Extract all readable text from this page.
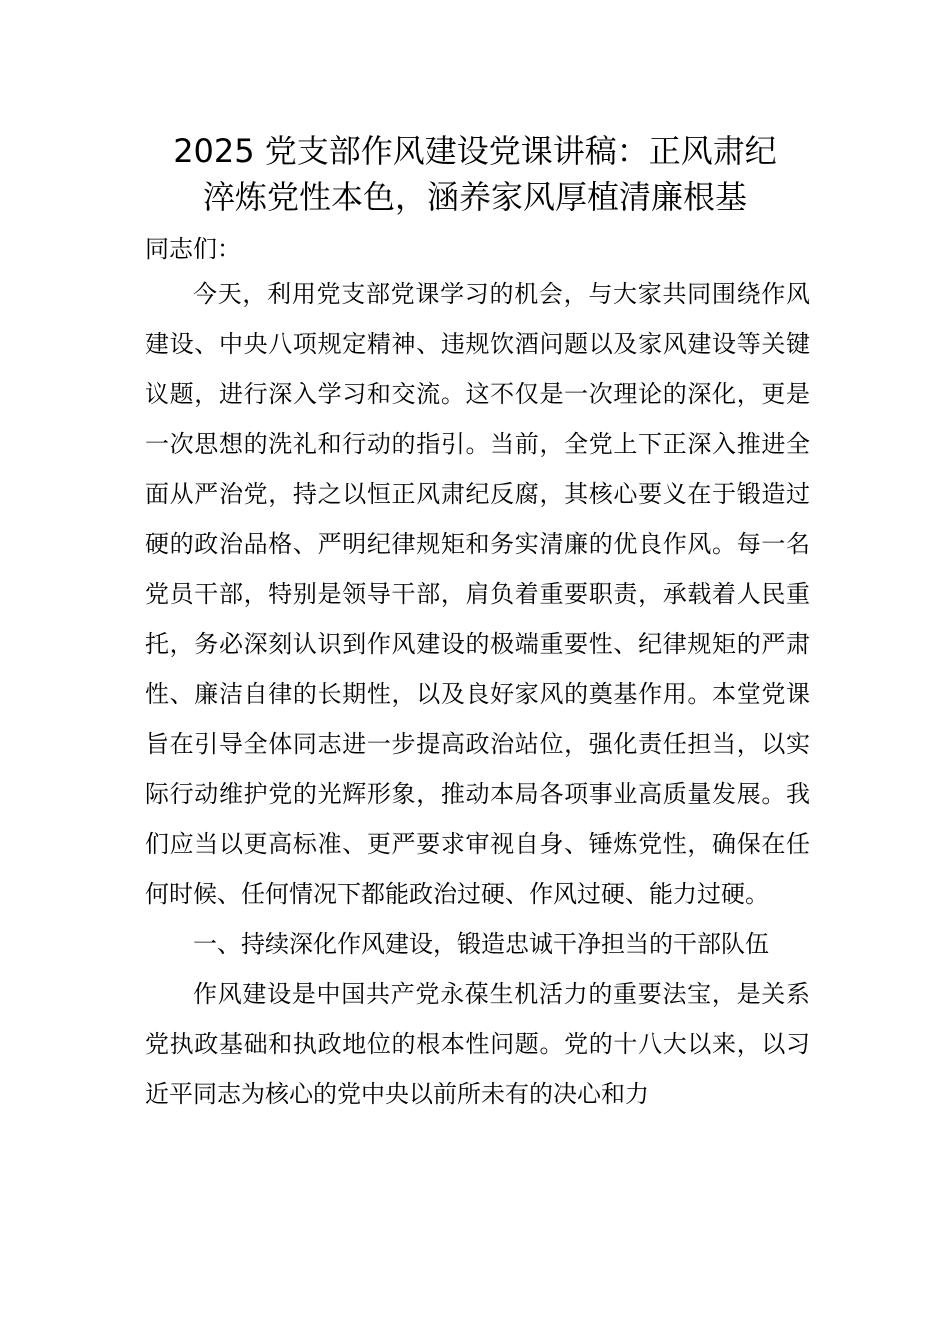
2025 党支部作风建设党课讲稿：正风肃纪
淬炼党性本色，涵养家风厚植清廉根基

同志们：

今天，利用党支部党课学习的机会，与大家共同围绕作风建设、中央八项规定精神、违规饮酒问题以及家风建设等关键议题，进行深入学习和交流。这不仅是一次理论的深化，更是一次思想的洗礼和行动的指引。当前，全党上下正深入推进全面从严治党，持之以恒正风肃纪反腐，其核心要义在于锻造过硬的政治品格、严明纪律规矩和务实清廉的优良作风。每一名党员干部，特别是领导干部，肩负着重要职责，承载着人民重托，务必深刻认识到作风建设的极端重要性、纪律规矩的严肃性、廉洁自律的长期性，以及良好家风的奠基作用。本堂党课旨在引导全体同志进一步提高政治站位，强化责任担当，以实际行动维护党的光辉形象，推动本局各项事业高质量发展。我们应当以更高标准、更严要求审视自身、锤炼党性，确保在任何时候、任何情况下都能政治过硬、作风过硬、能力过硬。

一、持续深化作风建设，锻造忠诚干净担当的干部队伍

作风建设是中国共产党永葆生机活力的重要法宝，是关系党执政基础和执政地位的根本性问题。党的十八大以来，以习近平同志为核心的党中央以前所未有的决心和力
